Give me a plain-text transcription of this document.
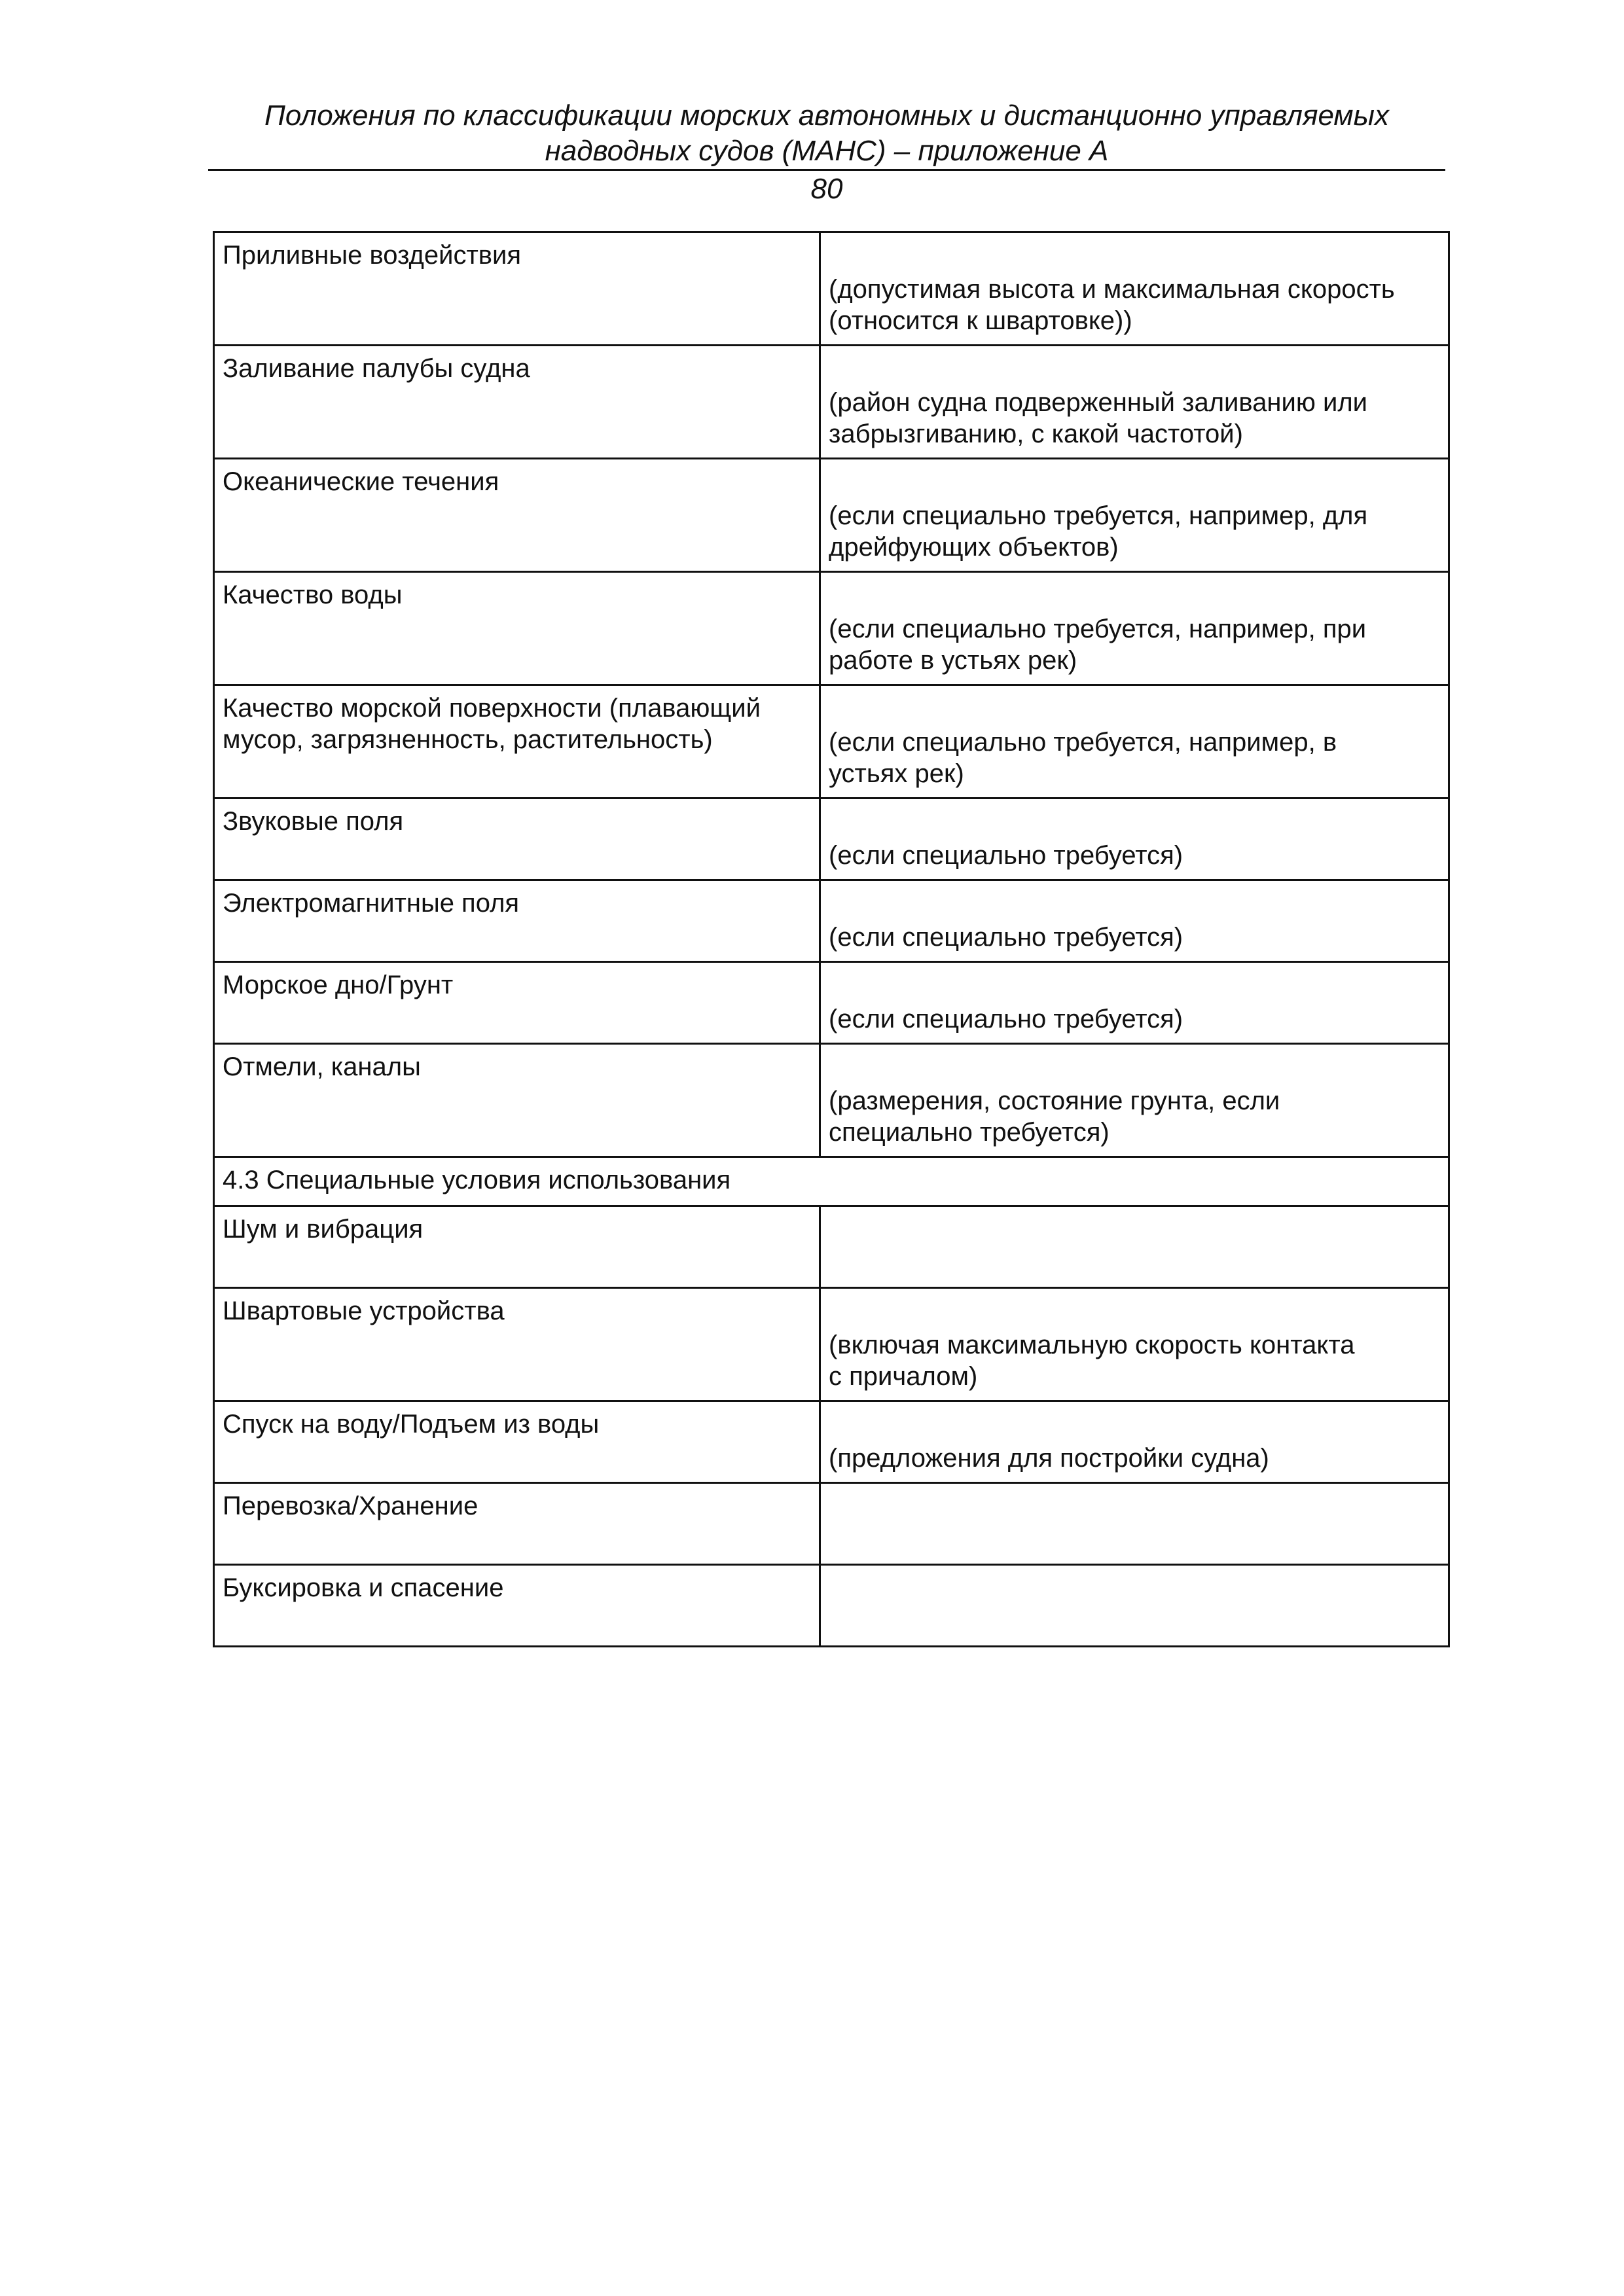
Положения по классификации морских автономных и дистанционно управляемых
надводных судов (МАНС) – приложение А
80
Приливные воздействия	(допустимая высота и максимальная скорость
(относится к швартовке))

Заливание палубы судна	(район судна подверженный заливанию или
забрызгиванию, с какой частотой)

Океанические течения	(если специально требуется, например, для
дрейфующих объектов)

Качество воды	(если специально требуется, например, при
работе в устьях рек)

Качество морской поверхности (плавающий
мусор, загрязненность, растительность)	(если специально требуется, например, в
устьях рек)

Звуковые поля	(если специально требуется)

Электромагнитные поля	(если специально требуется)

Морское дно/Грунт	(если специально требуется)

Отмели, каналы	(размерения, состояние грунта, если
специально требуется)

4.3 Специальные условия использования	

Шум и вибрация	

Швартовые устройства	(включая максимальную скорость контакта
с причалом)

Спуск на воду/Подъем из воды	(предложения для постройки судна)

Перевозка/Хранение	

Буксировка и спасение	
